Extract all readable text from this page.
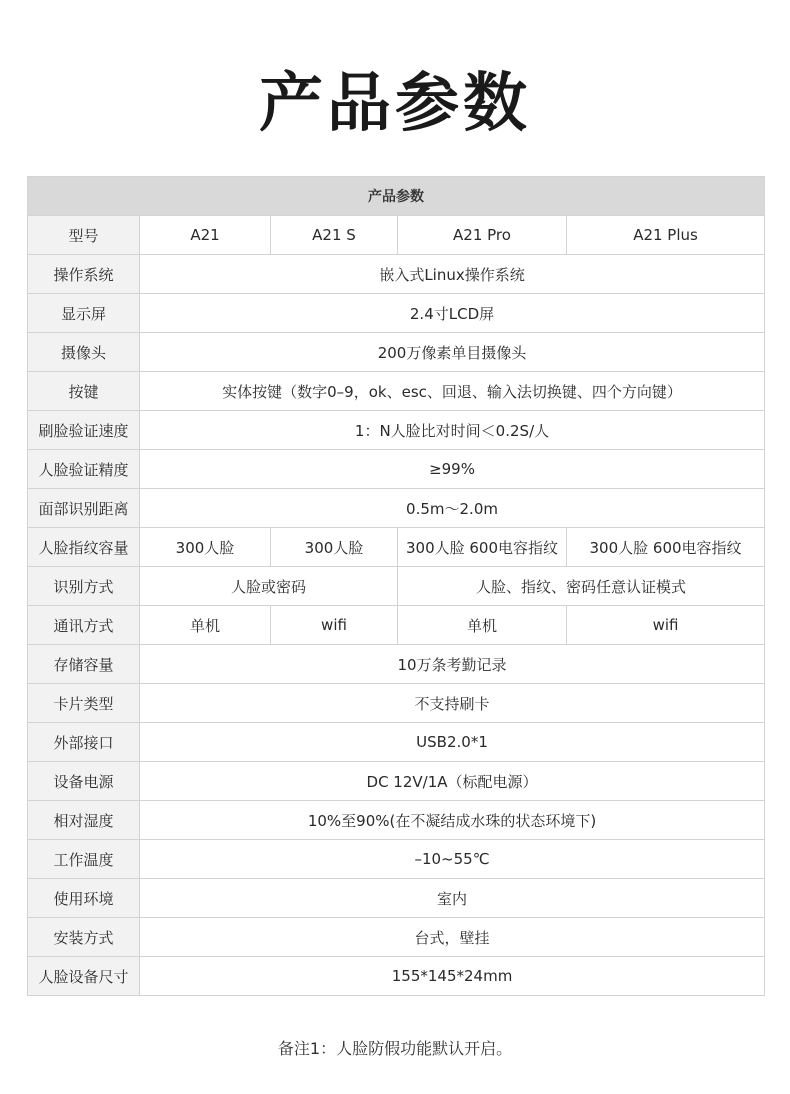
产品参数
产品参数				
型号	A21	A21 S	A21 Pro	A21 Plus
操作系统	嵌入式Linux操作系统			
显示屏	2.4寸LCD屏			
摄像头	200万像素单目摄像头			
按键	实体按键（数字0–9，ok、esc、回退、输入法切换键、四个方向键）			
刷脸验证速度	1：N人脸比对时间＜0.2S/人			
人脸验证精度	≥99%			
面部识别距离	0.5m～2.0m			
人脸指纹容量	300人脸	300人脸	300人脸 600电容指纹	300人脸 600电容指纹
识别方式	人脸或密码		人脸、指纹、密码任意认证模式	
通讯方式	单机	wifi	单机	wifi
存储容量	10万条考勤记录			
卡片类型	不支持刷卡			
外部接口	USB2.0*1			
设备电源	DC 12V/1A（标配电源）			
相对湿度	10%至90%(在不凝结成水珠的状态环境下)			
工作温度	–10~55℃			
使用环境	室内			
安装方式	台式，壁挂			
人脸设备尺寸	155*145*24mm			
备注1：人脸防假功能默认开启。
